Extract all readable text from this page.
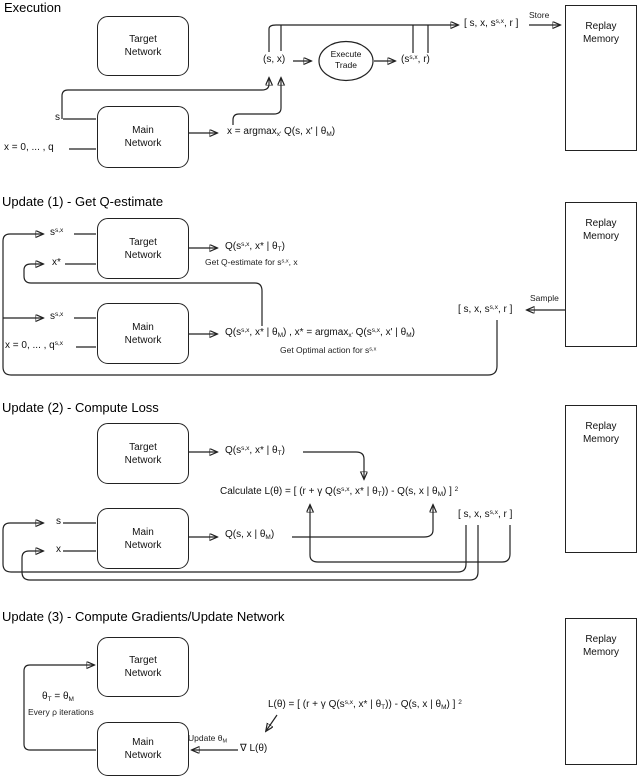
Execution
Update (1) - Get Q-estimate
Update (2) - Compute Loss
Update (3) - Compute Gradients/Update Network
Target Network
Main Network
Target Network
Main Network
Target Network
Main Network
Target Network
Main Network
Replay Memory
Replay Memory
Replay Memory
Replay Memory
s
x = 0, ... , q
x = argmax$_{x'}$ Q(s, x' | $\theta_M$)
(s, x)	Execute Trade
($s^{s,x}$, r)
[ s, x, $s^{s,x}$, r ]
Store
$s^{s,x}$
x*
$s^{s,x}$
x = 0, ... , $q^{s,x}$
$Q(s^{s,x}$, x* | $\theta_T$)
Get Q-estimate for $s^{s,x}$, x
$Q(s^{s,x}$, x* | $\theta_M$) , x* = argmax$_{x'}$ $Q(s^{s,x}$, x' | $\theta_M$)
Get Optimal action for $s^{s,x}$
[ s, x, $s^{s,x}$, r ]
Sample
$Q(s^{s,x}$, x* | $\theta_T$)
Calculate L(θ) = [ (r + γ $Q(s^{s,x}$, x* | $\theta_T)) - Q(s$, x | $\theta_M$) ] $^2$
s
x
Q(s, x | $\theta_M$)
[ s, x, $s^{s,x}$, r ]
$\theta_T = \theta_M$
Every ρ iterations
Update $\theta_M$
∇ L(θ)
L(θ) = [ (r + γ $Q(s^{s,x}$, x* | $\theta_T)) - Q(s$, x | $\theta_M$) ] $^2$
